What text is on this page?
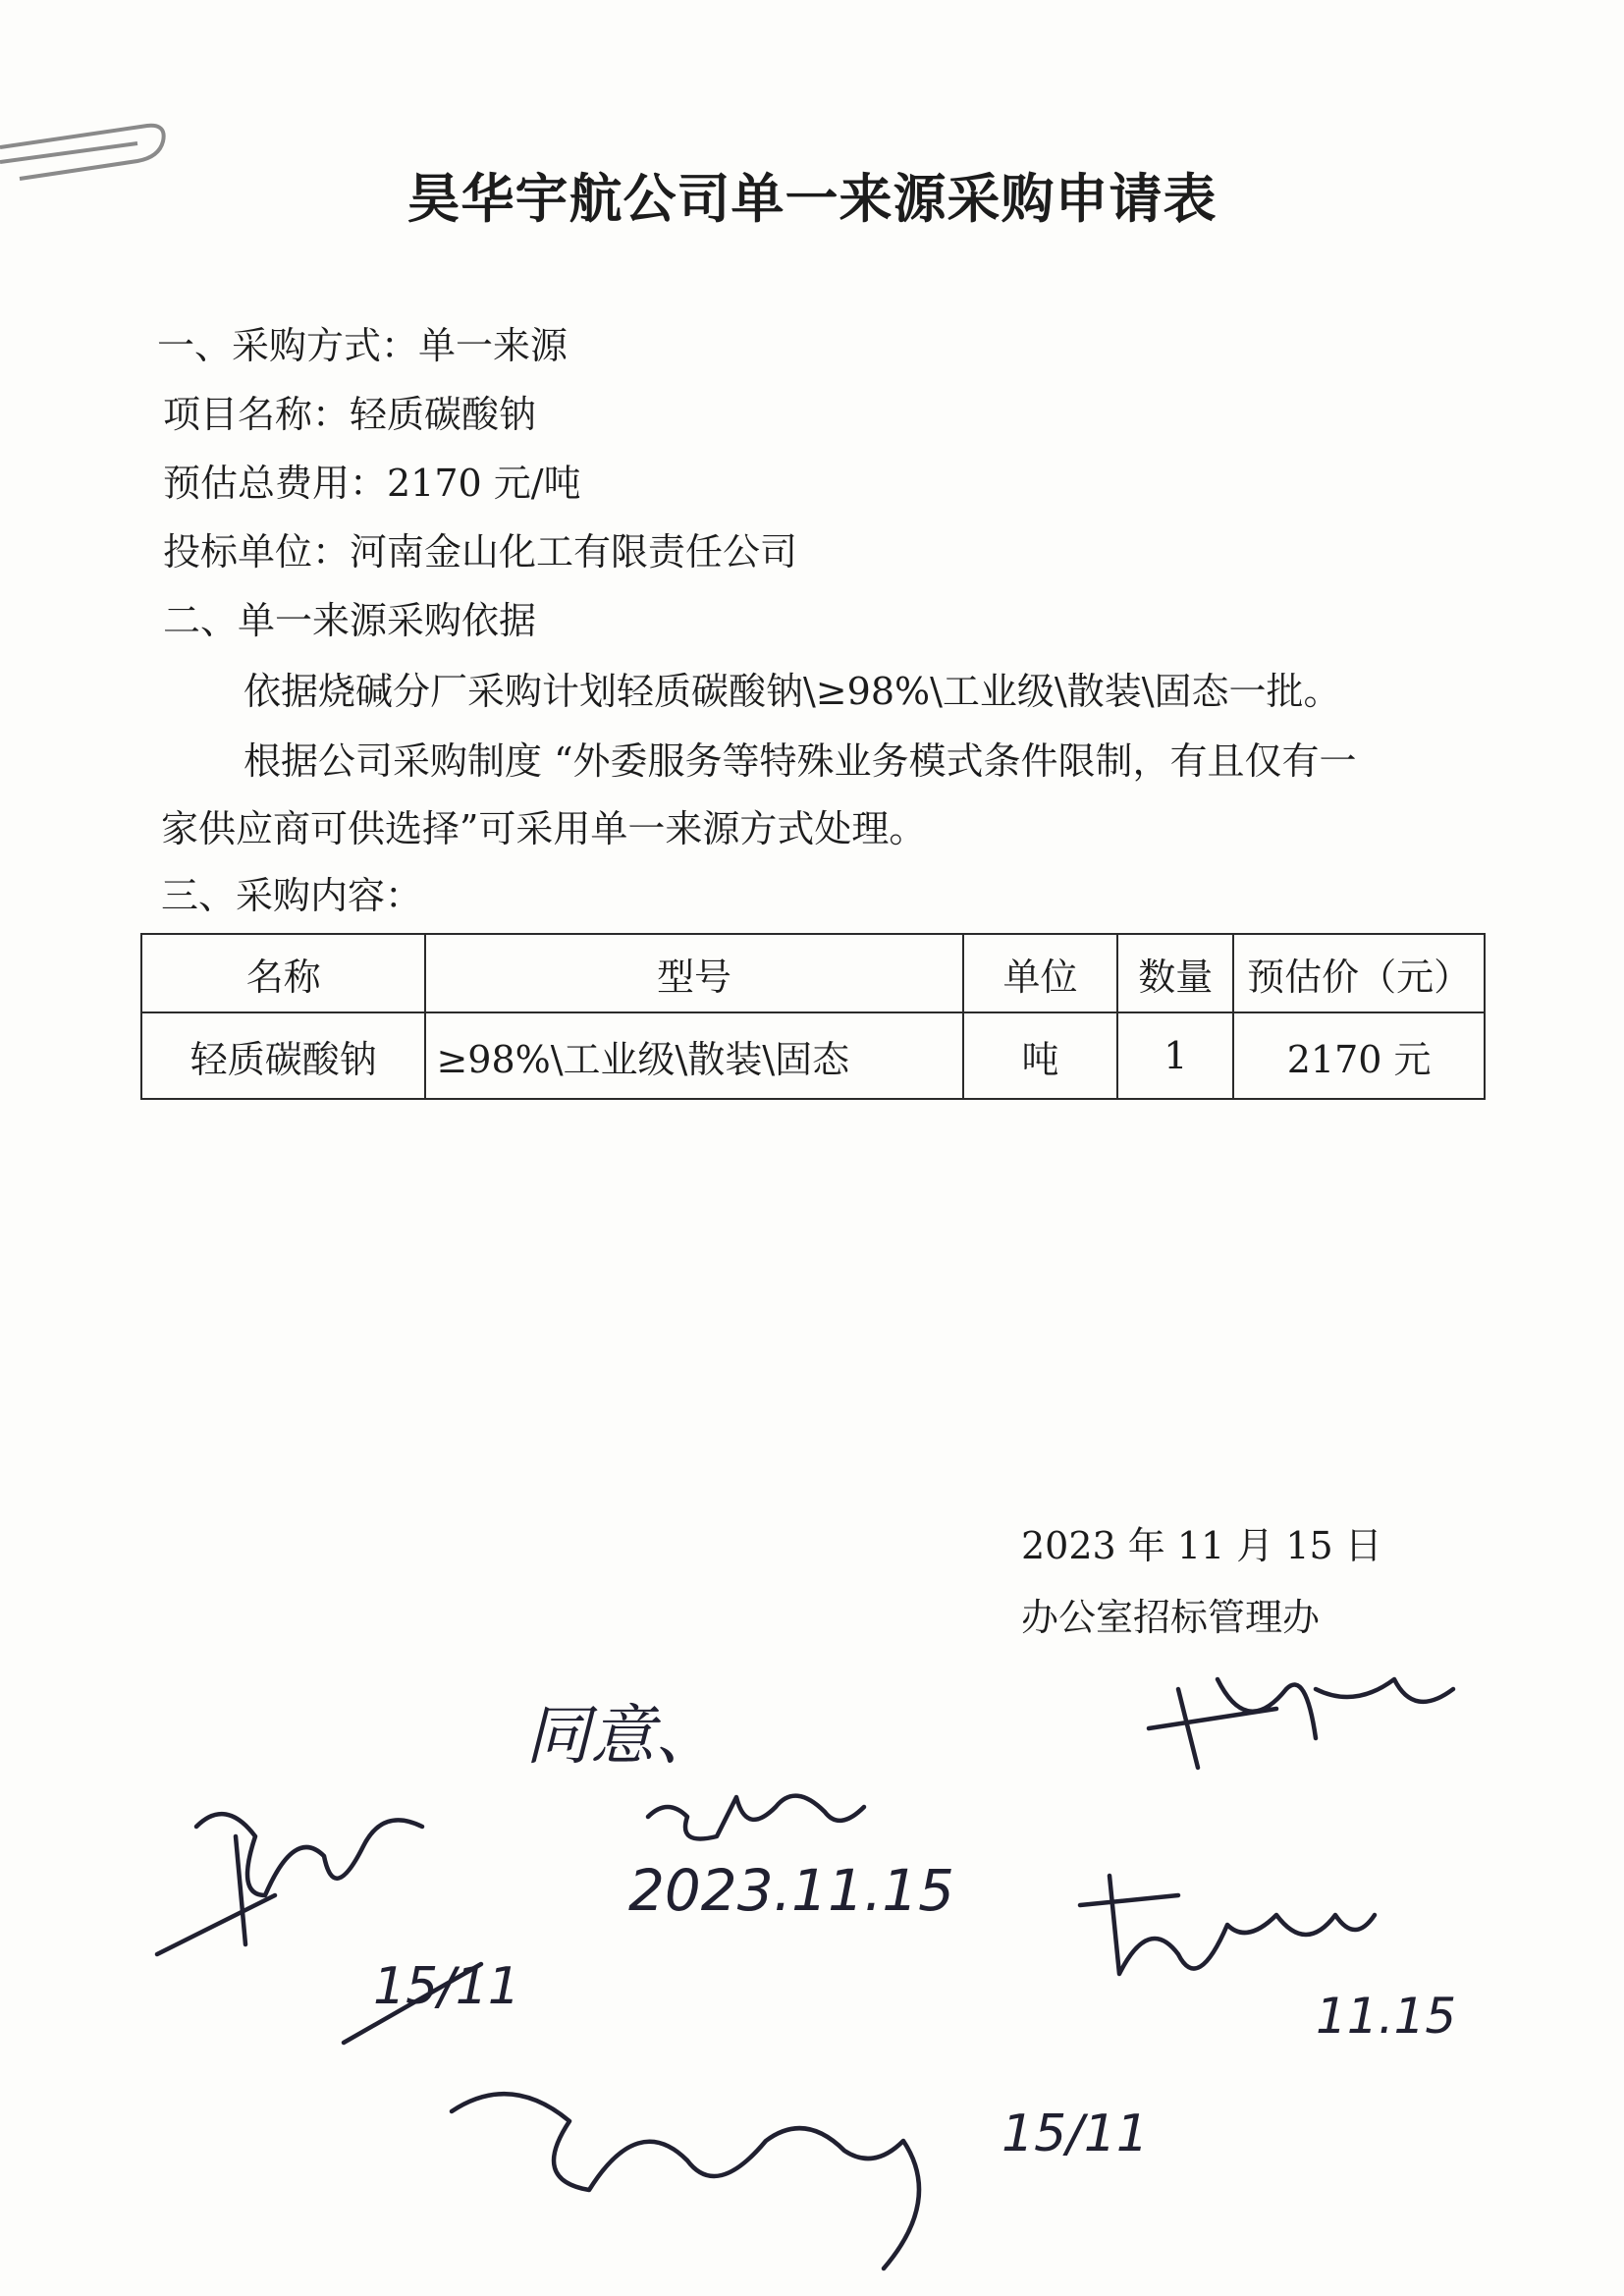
昊华宇航公司单一来源采购申请表
一、采购方式：单一来源
项目名称：轻质碳酸钠
预估总费用：2170 元/吨
投标单位：河南金山化工有限责任公司
二、单一来源采购依据
依据烧碱分厂采购计划轻质碳酸钠\≥98%\工业级\散装\固态一批。
根据公司采购制度 “外委服务等特殊业务模式条件限制，有且仅有一
家供应商可供选择”可采用单一来源方式处理。
三、采购内容：
名称	型号	单位	数量	预估价（元）
轻质碳酸钠	≥98%\工业级\散装\固态	吨	1	2170 元
2023 年 11 月 15 日
办公室招标管理办
同意、
2023.11.15
15/11	11.15
15/11
